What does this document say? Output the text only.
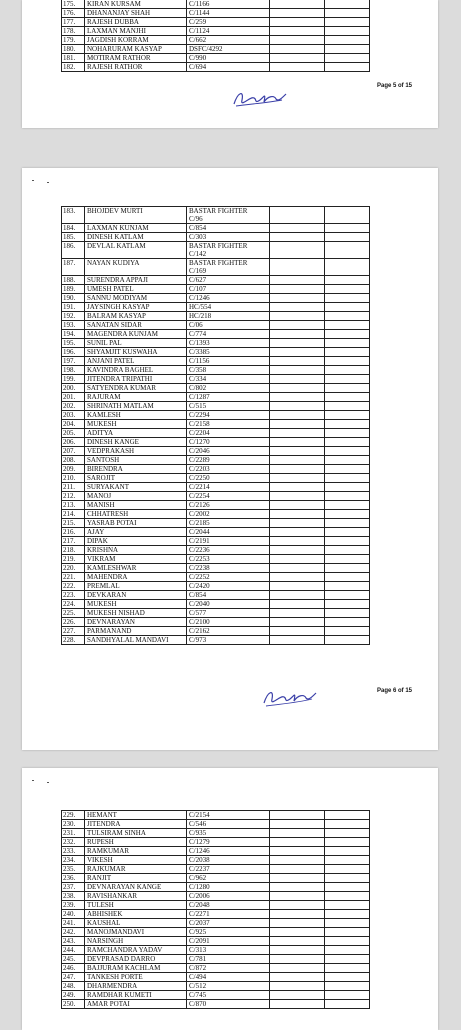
175.	KIRAN KURSAM	C/1166		
176.	DHANANJAY SHAH	C/1144		
177.	RAJESH DUBBA	C/259		
178.	LAXMAN MANJHI	C/1124		
179.	JAGDISH KORRAM	C/662		
180.	NOHARURAM KASYAP	DSFC/4292		
181.	MOTIRAM RATHOR	C/990		
182.	RAJESH RATHOR	C/694		
Page 5 of 15
183.	BHOJDEV MURTI	BASTAR FIGHTER
C/96		
184.	LAXMAN KUNJAM	C/854		
185.	DINESH KATLAM	C/303		
186.	DEVLAL KATLAM	BASTAR FIGHTER
C/142		
187.	NAYAN KUDIYA	BASTAR FIGHTER
C/169		
188.	SURENDRA APPAJI	C/627		
189.	UMESH PATEL	C/107		
190.	SANNU MODIYAM	C/1246		
191.	JAYSINGH KASYAP	HC/554		
192.	BALRAM KASYAP	HC/218		
193.	SANATAN SIDAR	C/06		
194.	MAGENDRA KUNJAM	C/774		
195.	SUNIL PAL	C/1393		
196.	SHYAMJIT KUSWAHA	C/3385		
197.	ANJANI PATEL	C/1156		
198.	KAVINDRA BAGHEL	C/358		
199.	JITENDRA TRIPATHI	C/334		
200.	SATYENDRA KUMAR	C/802		
201.	RAJURAM	C/1287		
202.	SHRINATH MATLAM	C/515		
203.	KAMLESH	C/2294		
204.	MUKESH	C/2158		
205.	ADITYA	C/2204		
206.	DINESH KANGE	C/1270		
207.	VEDPRAKASH	C/2046		
208.	SANTOSH	C/2289		
209.	BIRENDRA	C/2203		
210.	SAROJIT	C/2250		
211.	SURYAKANT	C/2214		
212.	MANOJ	C/2254		
213.	MANISH	C/2126		
214.	CHHATRESH	C/2002		
215.	YASRAB POTAI	C/2185		
216.	AJAY	C/2044		
217.	DIPAK	C/2191		
218.	KRISHNA	C/2236		
219.	VIKRAM	C/2253		
220.	KAMLESHWAR	C/2238		
221.	MAHENDRA	C/2252		
222.	PREMLAL	C/2420		
223.	DEVKARAN	C/854		
224.	MUKESH	C/2040		
225.	MUKESH NISHAD	C/577		
226.	DEVNARAYAN	C/2100		
227.	PARMANAND	C/2162		
228.	SANDHYALAL MANDAVI	C/973		
Page 6 of 15
229.	HEMANT	C/2154		
230.	JITENDRA	C/546		
231.	TULSIRAM SINHA	C/935		
232.	RUPESH	C/1279		
233.	RAMKUMAR	C/1246		
234.	VIKESH	C/2038		
235.	RAJKUMAR	C/2237		
236.	RANJIT	C/962		
237.	DEVNARAYAN KANGE	C/1280		
238.	RAVISHANKAR	C/2006		
239.	TULESH	C/2048		
240.	ABHISHEK	C/2271		
241.	KAUSHAL	C/2037		
242.	MANOJMANDAVI	C/925		
243.	NARSINGH	C/2091		
244.	RAMCHANDRA YADAV	C/313		
245.	DEVPRASAD DARRO	C/781		
246.	BAJJURAM KACHLAM	C/872		
247.	TANKESH PORTE	C/494		
248.	DHARMENDRA	C/512		
249.	RAMDHAR KUMETI	C/745		
250.	AMAR POTAI	C/870		
